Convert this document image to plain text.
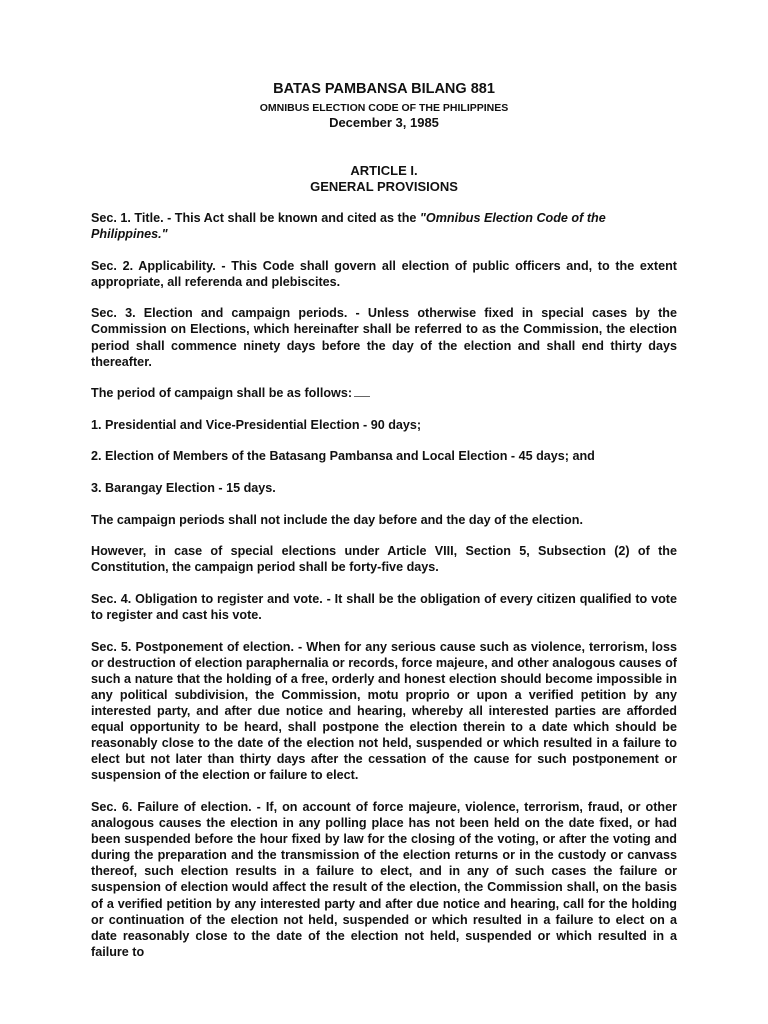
BATAS PAMBANSA BILANG 881
OMNIBUS ELECTION CODE OF THE PHILIPPINES
December 3, 1985
ARTICLE I.
GENERAL PROVISIONS

Sec. 1. Title. - This Act shall be known and cited as the "Omnibus Election Code of the Philippines."

Sec. 2. Applicability. - This Code shall govern all election of public officers and, to the extent appropriate, all referenda and plebiscites.

Sec. 3. Election and campaign periods. - Unless otherwise fixed in special cases by the Commission on Elections, which hereinafter shall be referred to as the Commission, the election period shall commence ninety days before the day of the election and shall end thirty days thereafter.

The period of campaign shall be as follows:

1. Presidential and Vice-Presidential Election - 90 days;

2. Election of Members of the Batasang Pambansa and Local Election - 45 days; and

3. Barangay Election - 15 days.

The campaign periods shall not include the day before and the day of the election.

However, in case of special elections under Article VIII, Section 5, Subsection (2) of the Constitution, the campaign period shall be forty-five days.

Sec. 4. Obligation to register and vote. - It shall be the obligation of every citizen qualified to vote to register and cast his vote.

Sec. 5. Postponement of election. - When for any serious cause such as violence, terrorism, loss or destruction of election paraphernalia or records, force majeure, and other analogous causes of such a nature that the holding of a free, orderly and honest election should become impossible in any political subdivision, the Commission, motu proprio or upon a verified petition by any interested party, and after due notice and hearing, whereby all interested parties are afforded equal opportunity to be heard, shall postpone the election therein to a date which should be reasonably close to the date of the election not held, suspended or which resulted in a failure to elect but not later than thirty days after the cessation of the cause for such postponement or suspension of the election or failure to elect.

Sec. 6. Failure of election. - If, on account of force majeure, violence, terrorism, fraud, or other analogous causes the election in any polling place has not been held on the date fixed, or had been suspended before the hour fixed by law for the closing of the voting, or after the voting and during the preparation and the transmission of the election returns or in the custody or canvass thereof, such election results in a failure to elect, and in any of such cases the failure or suspension of election would affect the result of the election, the Commission shall, on the basis of a verified petition by any interested party and after due notice and hearing, call for the holding or continuation of the election not held, suspended or which resulted in a failure to elect on a date reasonably close to the date of the election not held, suspended or which resulted in a failure to
